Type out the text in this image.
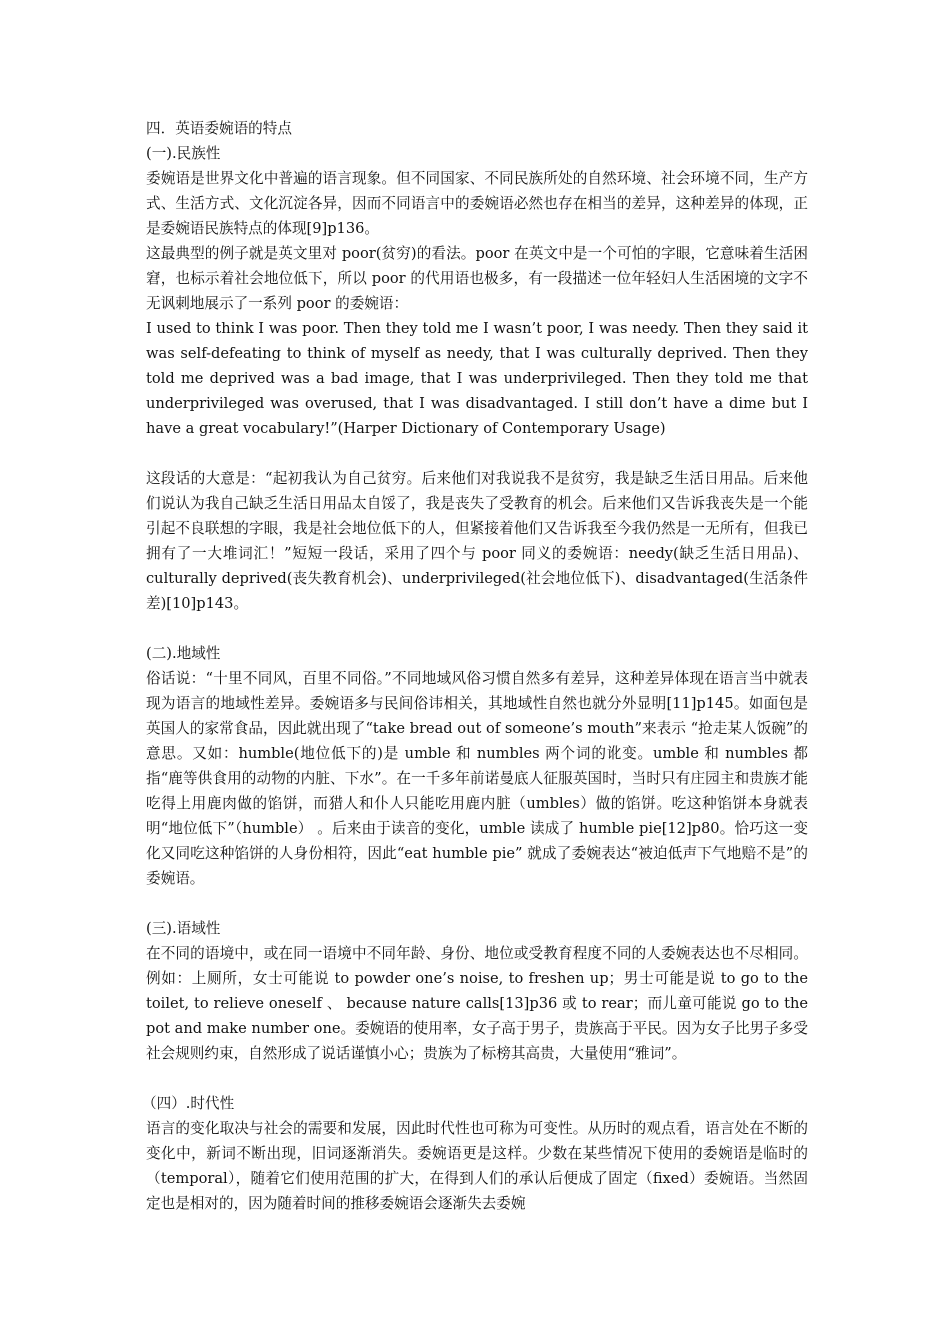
四．英语委婉语的特点
(一).民族性

委婉语是世界文化中普遍的语言现象。但不同国家、不同民族所处的自然环境、社会环境不同，生产方式、生活方式、文化沉淀各异，因而不同语言中的委婉语必然也存在相当的差异，这种差异的体现，正是委婉语民族特点的体现[9]p136。

这最典型的例子就是英文里对 poor(贫穷)的看法。poor 在英文中是一个可怕的字眼，它意味着生活困窘，也标示着社会地位低下，所以 poor 的代用语也极多，有一段描述一位年轻妇人生活困境的文字不无讽刺地展示了一系列 poor 的委婉语：

I used to think I was poor. Then they told me I wasn’t poor, I was needy. Then they said it was self-defeating to think of myself as needy, that I was culturally deprived. Then they told me deprived was a bad image, that I was underprivileged. Then they told me that underprivileged was overused, that I was disadvantaged. I still don’t have a dime but I have a great vocabulary!”(Harper Dictionary of Contemporary Usage)

这段话的大意是：“起初我认为自己贫穷。后来他们对我说我不是贫穷，我是缺乏生活日用品。后来他们说认为我自己缺乏生活日用品太自馁了，我是丧失了受教育的机会。后来他们又告诉我丧失是一个能引起不良联想的字眼，我是社会地位低下的人，但紧接着他们又告诉我至今我仍然是一无所有，但我已拥有了一大堆词汇！”短短一段话，采用了四个与 poor 同义的委婉语：needy(缺乏生活日用品)、culturally deprived(丧失教育机会)、underprivileged(社会地位低下)、disadvantaged(生活条件差)[10]p143。

(二).地域性

俗话说：“十里不同风，百里不同俗。”不同地域风俗习惯自然多有差异，这种差异体现在语言当中就表现为语言的地域性差异。委婉语多与民间俗讳相关，其地域性自然也就分外显明[11]p145。如面包是英国人的家常食品，因此就出现了“take bread out of someone’s mouth”来表示 “抢走某人饭碗”的意思。又如：humble(地位低下的)是 umble 和 numbles 两个词的讹变。umble 和 numbles 都指“鹿等供食用的动物的内脏、下水”。在一千多年前诺曼底人征服英国时，当时只有庄园主和贵族才能吃得上用鹿肉做的馅饼，而猎人和仆人只能吃用鹿内脏（umbles）做的馅饼。吃这种馅饼本身就表明“地位低下”（humble） 。后来由于读音的变化，umble 读成了 humble pie[12]p80。恰巧这一变化又同吃这种馅饼的人身份相符，因此“eat humble pie” 就成了委婉表达“被迫低声下气地赔不是”的委婉语。

(三).语域性

在不同的语境中，或在同一语境中不同年龄、身份、地位或受教育程度不同的人委婉表达也不尽相同。例如：上厕所，女士可能说 to powder one’s noise, to freshen up；男士可能是说 to go to the toilet, to relieve oneself 、 because nature calls[13]p36 或 to rear；而儿童可能说 go to the pot and make number one。委婉语的使用率，女子高于男子，贵族高于平民。因为女子比男子多受社会规则约束，自然形成了说话谨慎小心；贵族为了标榜其高贵，大量使用“雅词”。

（四）.时代性

语言的变化取决与社会的需要和发展，因此时代性也可称为可变性。从历时的观点看，语言处在不断的变化中，新词不断出现，旧词逐渐消失。委婉语更是这样。少数在某些情况下使用的委婉语是临时的（temporal），随着它们使用范围的扩大，在得到人们的承认后便成了固定（fixed）委婉语。当然固定也是相对的，因为随着时间的推移委婉语会逐渐失去委婉
